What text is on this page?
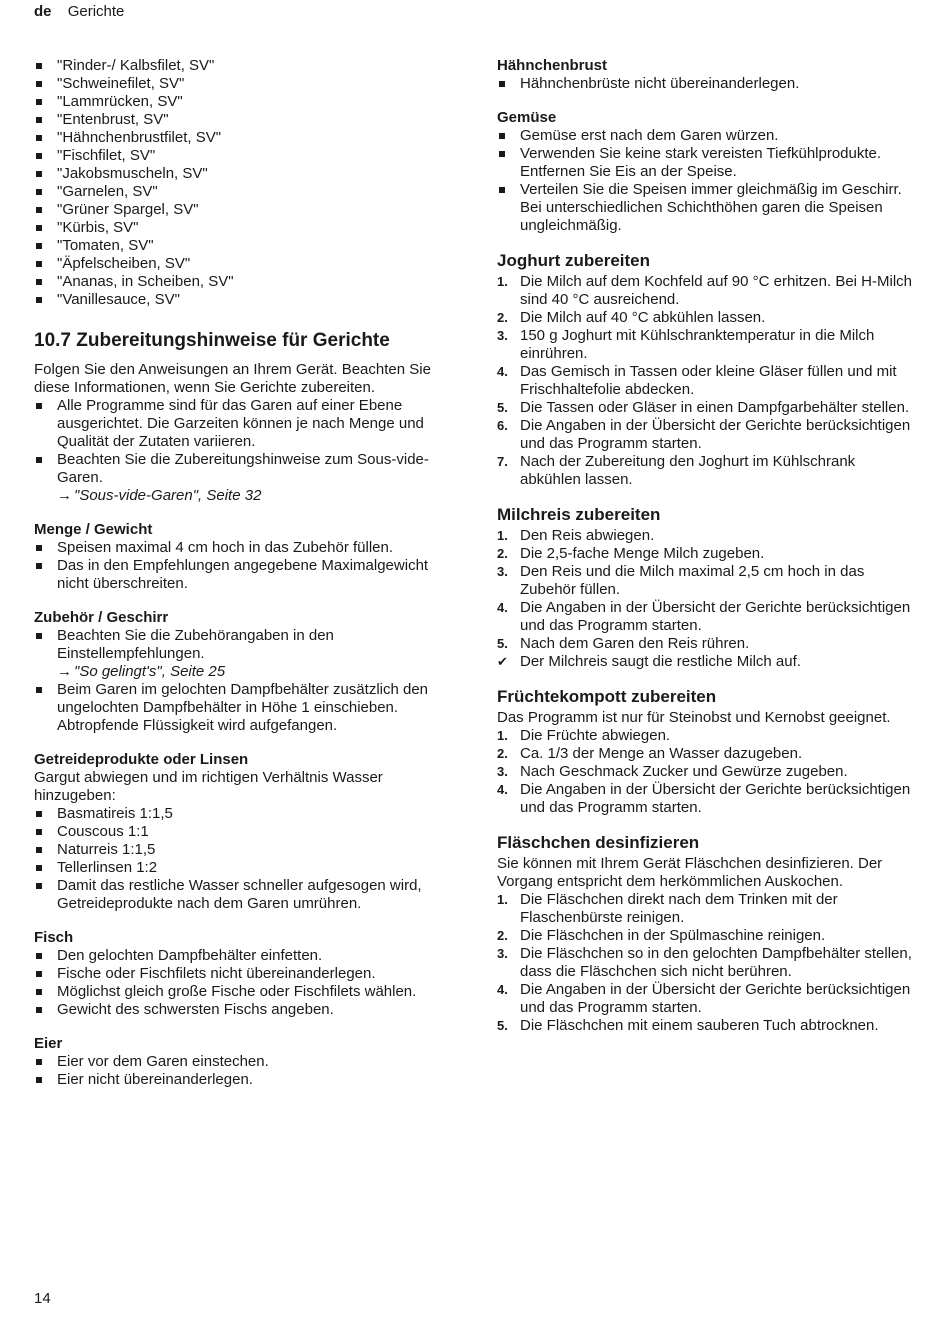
de Gerichte
"Rinder-/ Kalbsfilet, SV"
"Schweinefilet, SV"
"Lammrücken, SV"
"Entenbrust, SV"
"Hähnchenbrustfilet, SV"
"Fischfilet, SV"
"Jakobsmuscheln, SV"
"Garnelen, SV"
"Grüner Spargel, SV"
"Kürbis, SV"
"Tomaten, SV"
"Äpfelscheiben, SV"
"Ananas, in Scheiben, SV"
"Vanillesauce, SV"
10.7 Zubereitungshinweise für Gerichte

Folgen Sie den Anweisungen an Ihrem Gerät. Beachten Sie diese Informationen, wenn Sie Gerichte zubereiten.

Alle Programme sind für das Garen auf einer Ebene ausgerichtet. Die Garzeiten können je nach Menge und Qualität der Zutaten variieren.
Beachten Sie die Zubereitungshinweise zum Sous-vide-Garen.
→ "Sous-vide-Garen", Seite 32
Menge / Gewicht
Speisen maximal 4 cm hoch in das Zubehör füllen.
Das in den Empfehlungen angegebene Maximalgewicht nicht überschreiten.
Zubehör / Geschirr
Beachten Sie die Zubehörangaben in den Einstellempfehlungen.
→ "So gelingt's", Seite 25
Beim Garen im gelochten Dampfbehälter zusätzlich den ungelochten Dampfbehälter in Höhe 1 einschieben. Abtropfende Flüssigkeit wird aufgefangen.
Getreideprodukte oder Linsen

Gargut abwiegen und im richtigen Verhältnis Wasser hinzugeben:

Basmatireis 1:1,5
Couscous 1:1
Naturreis 1:1,5
Tellerlinsen 1:2
Damit das restliche Wasser schneller aufgesogen wird, Getreideprodukte nach dem Garen umrühren.
Fisch
Den gelochten Dampfbehälter einfetten.
Fische oder Fischfilets nicht übereinanderlegen.
Möglichst gleich große Fische oder Fischfilets wählen.
Gewicht des schwersten Fischs angeben.
Eier
Eier vor dem Garen einstechen.
Eier nicht übereinanderlegen.
Hähnchenbrust
Hähnchenbrüste nicht übereinanderlegen.
Gemüse
Gemüse erst nach dem Garen würzen.
Verwenden Sie keine stark vereisten Tiefkühlprodukte. Entfernen Sie Eis an der Speise.
Verteilen Sie die Speisen immer gleichmäßig im Geschirr. Bei unterschiedlichen Schichthöhen garen die Speisen ungleichmäßig.
Joghurt zubereiten
1. Die Milch auf dem Kochfeld auf 90 °C erhitzen. Bei H-Milch sind 40 °C ausreichend.
2. Die Milch auf 40 °C abkühlen lassen.
3. 150 g Joghurt mit Kühlschranktemperatur in die Milch einrühren.
4. Das Gemisch in Tassen oder kleine Gläser füllen und mit Frischhaltefolie abdecken.
5. Die Tassen oder Gläser in einen Dampfgarbehälter stellen.
6. Die Angaben in der Übersicht der Gerichte berücksichtigen und das Programm starten.
7. Nach der Zubereitung den Joghurt im Kühlschrank abkühlen lassen.
Milchreis zubereiten
1. Den Reis abwiegen.
2. Die 2,5-fache Menge Milch zugeben.
3. Den Reis und die Milch maximal 2,5 cm hoch in das Zubehör füllen.
4. Die Angaben in der Übersicht der Gerichte berücksichtigen und das Programm starten.
5. Nach dem Garen den Reis rühren.
✔ Der Milchreis saugt die restliche Milch auf.
Früchtekompott zubereiten

Das Programm ist nur für Steinobst und Kernobst geeignet.

1. Die Früchte abwiegen.
2. Ca. 1/3 der Menge an Wasser dazugeben.
3. Nach Geschmack Zucker und Gewürze zugeben.
4. Die Angaben in der Übersicht der Gerichte berücksichtigen und das Programm starten.
Fläschchen desinfizieren

Sie können mit Ihrem Gerät Fläschchen desinfizieren. Der Vorgang entspricht dem herkömmlichen Auskochen.

1. Die Fläschchen direkt nach dem Trinken mit der Flaschenbürste reinigen.
2. Die Fläschchen in der Spülmaschine reinigen.
3. Die Fläschchen so in den gelochten Dampfbehälter stellen, dass die Fläschchen sich nicht berühren.
4. Die Angaben in der Übersicht der Gerichte berücksichtigen und das Programm starten.
5. Die Fläschchen mit einem sauberen Tuch abtrocknen.
14
